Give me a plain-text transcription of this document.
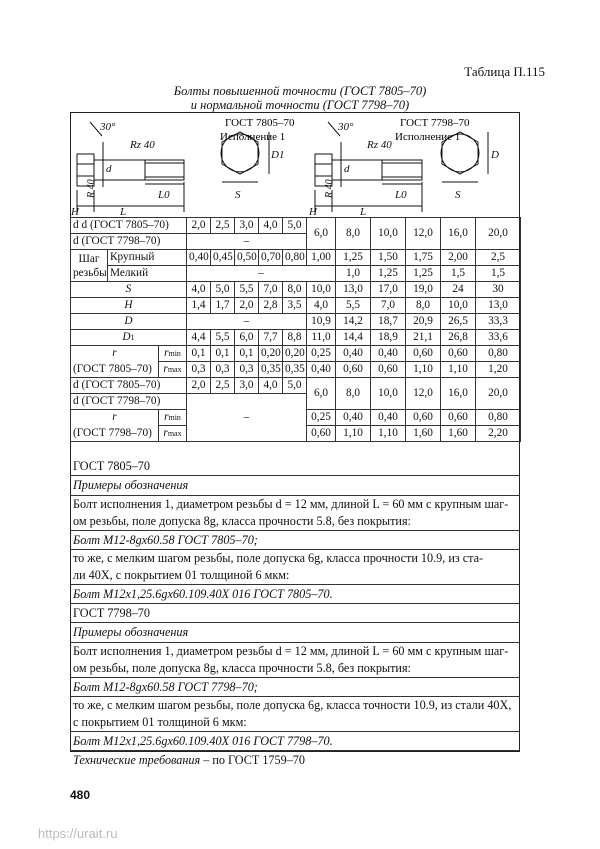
Таблица П.115
Болты повышенной точности (ГОСТ 7805–70)
и нормальной точности (ГОСТ 7798–70)
30°
Rz 40
R 40
H	L
L0
d
S
D1
ГОСТ 7805–70
Исполнение 1
30°
Rz 40
R 40
H	L
L0
d
S
D
ГОСТ 7798–70
Исполнение 1
d d (ГОСТ 7805–70)			2,0	2,5	3,0	4,0	5,0	6,0	8,0	10,0	12,0	16,0	20,0
d (ГОСТ 7798–70)			–										
Шаг
резьбы	Крупный		0,40	0,45	0,50	0,70	0,80	1,00	1,25	1,50	1,75	2,00	2,5
	Мелкий		–						1,0	1,25	1,25	1,5	1,5
S			4,0	5,0	5,5	7,0	8,0	10,0	13,0	17,0	19,0	24	30
H			1,4	1,7	2,0	2,8	3,5	4,0	5,5	7,0	8,0	10,0	13,0
D			–					10,9	14,2	18,7	20,9	26,5	33,3
D1			4,4	5,5	6,0	7,7	8,8	11,0	14,4	18,9	21,1	26,8	33,6
r		rmin	0,1	0,1	0,1	0,20	0,20	0,25	0,40	0,40	0,60	0,60	0,80
(ГОСТ 7805–70)		rmax	0,3	0,3	0,3	0,35	0,35	0,40	0,60	0,60	1,10	1,10	1,20
d (ГОСТ 7805–70)			2,0	2,5	3,0	4,0	5,0	6,0	8,0	10,0	12,0	16,0	20,0
d (ГОСТ 7798–70)			–										
r		rmin						0,25	0,40	0,40	0,60	0,60	0,80
(ГОСТ 7798–70)		rmax						0,60	1,10	1,10	1,60	1,60	2,20
ГОСТ 7805–70
Примеры обозначения
Болт исполнения 1, диаметром резьбы d = 12 мм, длиной L = 60 мм с крупным шаг-
ом резьбы, поле допуска 8g, класса прочности 5.8, без покрытия:
Болт М12-8gх60.58 ГОСТ 7805–70;
то же, с мелким шагом резьбы, поле допуска 6g, класса прочности 10.9, из ста-
ли 40Х, с покрытием 01 толщиной 6 мкм:
Болт М12х1,25.6gх60.109.40Х 016 ГОСТ 7805–70.
ГОСТ 7798–70
Примеры обозначения
Болт исполнения 1, диаметром резьбы d = 12 мм, длиной L = 60 мм с крупным шаг-
ом резьбы, поле допуска 8g, класса прочности 5.8, без покрытия:
Болт М12-8gх60.58 ГОСТ 7798–70;
то же, с мелким шагом резьбы, поле допуска 6g, класса точности 10.9, из стали 40Х,
с покрытием 01 толщиной 6 мкм:
Болт М12х1,25.6gх60.109.40Х 016 ГОСТ 7798–70.
Технические требования – по ГОСТ 1759–70
480
https://urait.ru
